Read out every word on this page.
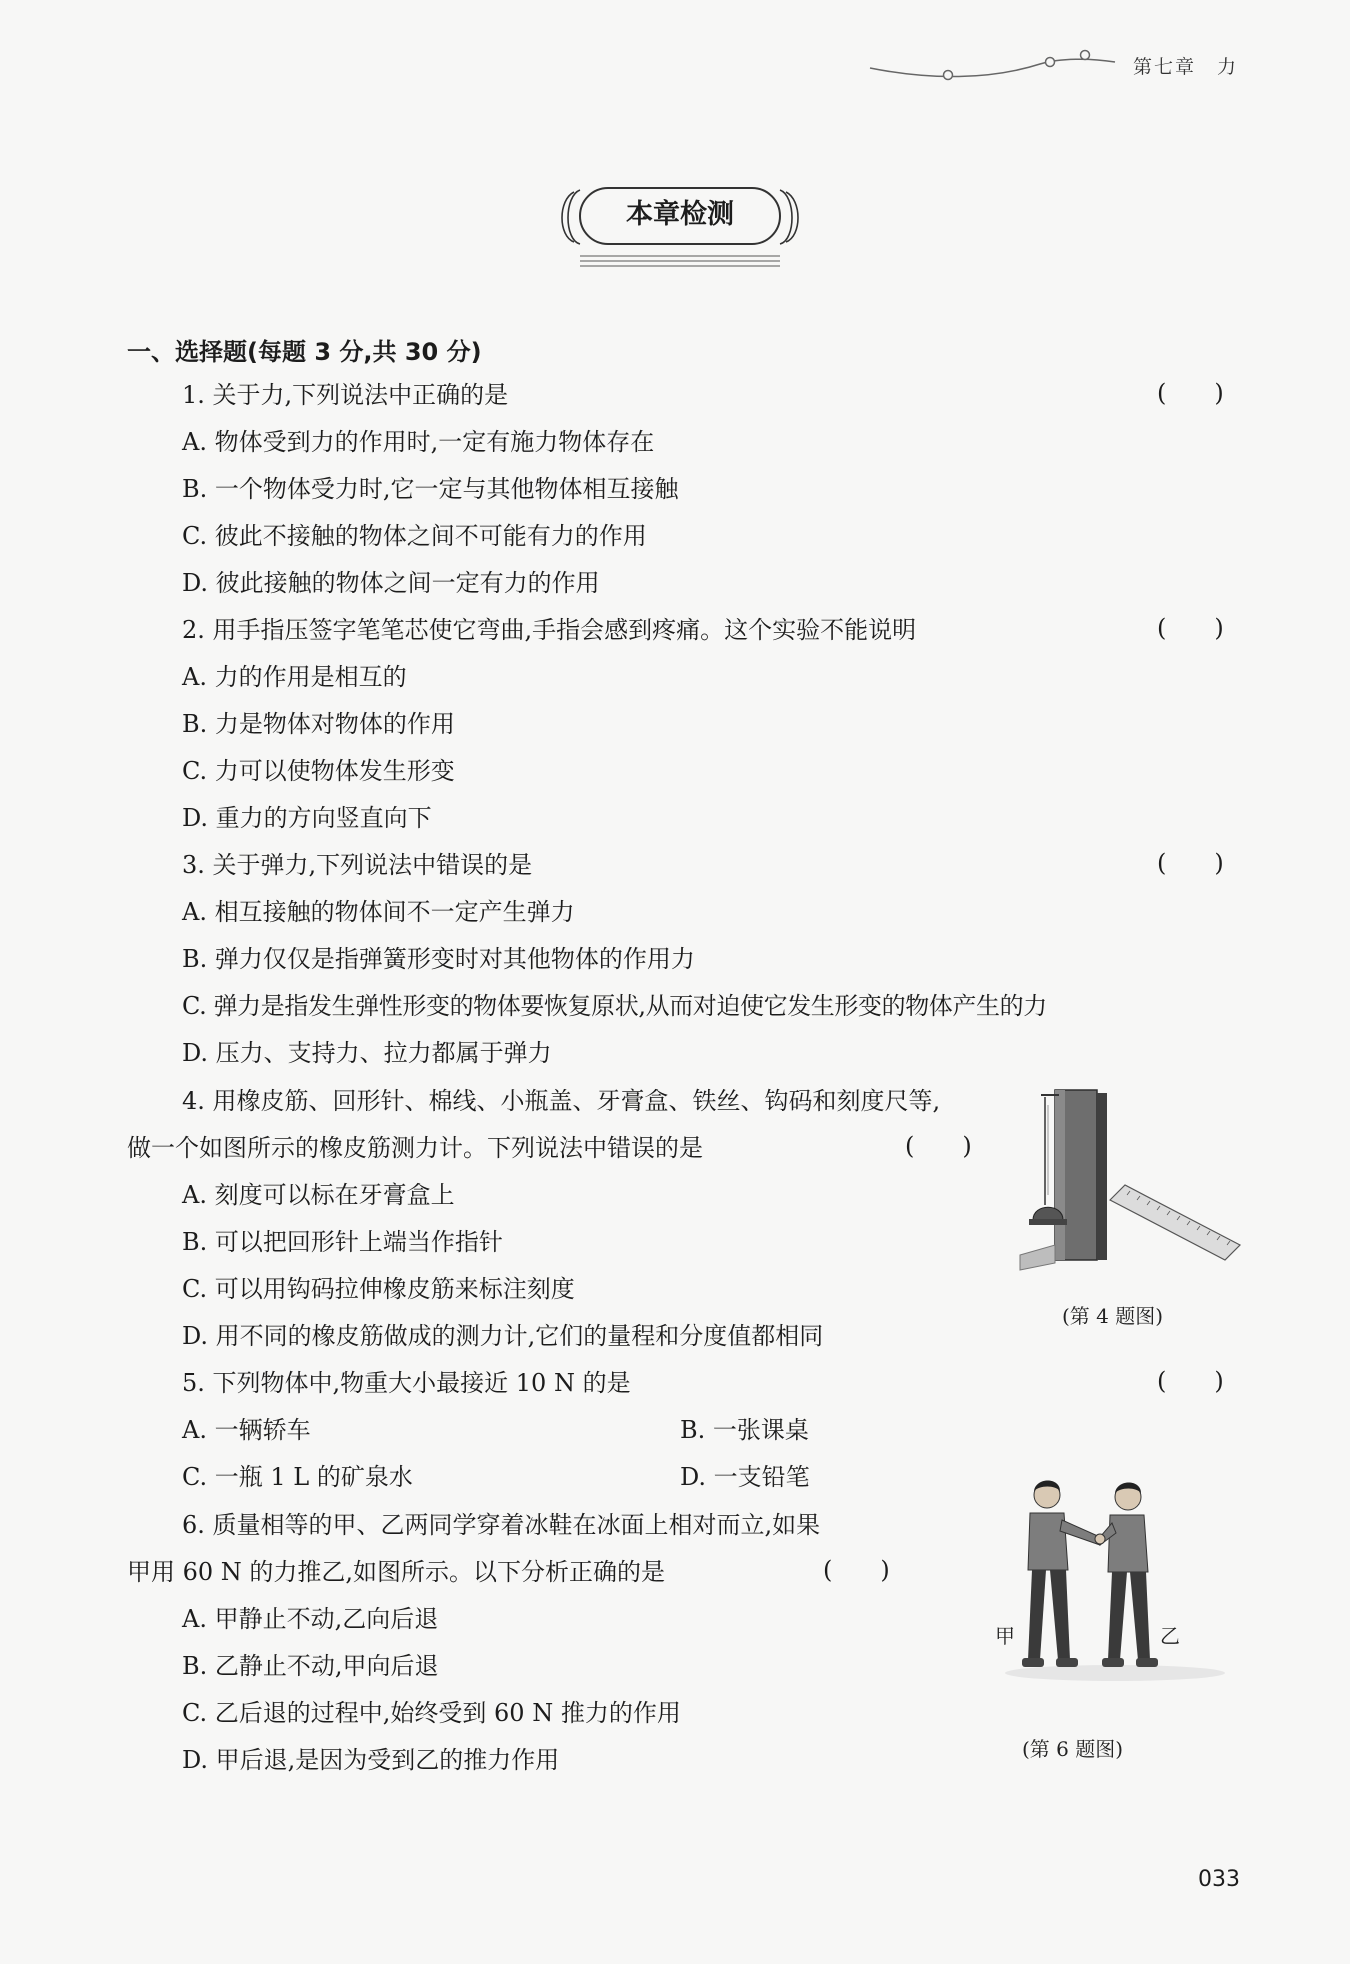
第七章　力
本章检测
一、选择题(每题 3 分,共 30 分)
1. 关于力,下列说法中正确的是	(　　)
A. 物体受到力的作用时,一定有施力物体存在
B. 一个物体受力时,它一定与其他物体相互接触
C. 彼此不接触的物体之间不可能有力的作用
D. 彼此接触的物体之间一定有力的作用
2. 用手指压签字笔笔芯使它弯曲,手指会感到疼痛。这个实验不能说明	(　　)
A. 力的作用是相互的
B. 力是物体对物体的作用
C. 力可以使物体发生形变
D. 重力的方向竖直向下
3. 关于弹力,下列说法中错误的是	(　　)
A. 相互接触的物体间不一定产生弹力
B. 弹力仅仅是指弹簧形变时对其他物体的作用力
C. 弹力是指发生弹性形变的物体要恢复原状,从而对迫使它发生形变的物体产生的力
D. 压力、支持力、拉力都属于弹力
4. 用橡皮筋、回形针、棉线、小瓶盖、牙膏盒、铁丝、钩码和刻度尺等,
做一个如图所示的橡皮筋测力计。下列说法中错误的是	(　　)
A. 刻度可以标在牙膏盒上
B. 可以把回形针上端当作指针
C. 可以用钩码拉伸橡皮筋来标注刻度
D. 用不同的橡皮筋做成的测力计,它们的量程和分度值都相同
(第 4 题图)
5. 下列物体中,物重大小最接近 10 N 的是	(　　)
A. 一辆轿车	B. 一张课桌
C. 一瓶 1 L 的矿泉水	D. 一支铅笔
6. 质量相等的甲、乙两同学穿着冰鞋在冰面上相对而立,如果
甲用 60 N 的力推乙,如图所示。以下分析正确的是	(　　)
A. 甲静止不动,乙向后退
B. 乙静止不动,甲向后退
C. 乙后退的过程中,始终受到 60 N 推力的作用
D. 甲后退,是因为受到乙的推力作用
甲	乙
(第 6 题图)
033
